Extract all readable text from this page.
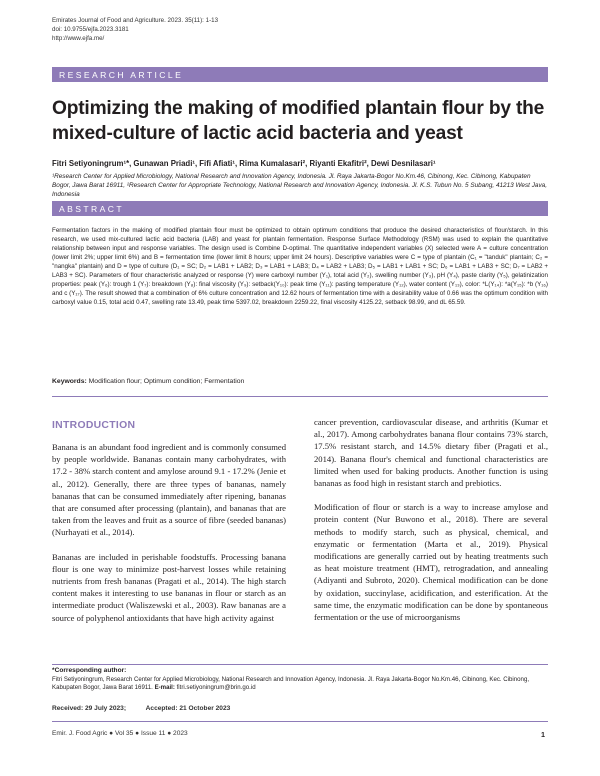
Emirates Journal of Food and Agriculture. 2023. 35(11): 1-13
doi: 10.9755/ejfa.2023.3181
http://www.ejfa.me/
RESEARCH ARTICLE
Optimizing the making of modified plantain flour by the mixed-culture of lactic acid bacteria and yeast
Fitri Setiyoningrum¹*, Gunawan Priadi¹, Fifi Afiati¹, Rima Kumalasari², Riyanti Ekafitri², Dewi Desnilasari¹
¹Research Center for Applied Microbiology, National Research and Innovation Agency, Indonesia. Jl. Raya Jakarta-Bogor No.Km.46, Cibinong, Kec. Cibinong, Kabupaten Bogor, Jawa Barat 16911, ²Research Center for Appropriate Technology, National Research and Innovation Agency, Indonesia. Jl. K.S. Tubun No. 5 Subang, 41213 West Java, Indonesia
ABSTRACT
Fermentation factors in the making of modified plantain flour must be optimized to obtain optimum conditions that produce the desired characteristics of flour/starch. In this research, we used mix-cultured lactic acid bacteria (LAB) and yeast for plantain fermentation. Response Surface Methodology (RSM) was used to explain the quantitative relationship between input and response variables. The design used is Combine D-optimal. The quantitative independent variables (X) selected were A = culture concentration (lower limit 2%; upper limit 6%) and B = fermentation time (lower limit 8 hours; upper limit 24 hours). Descriptive variables were C = type of plantain (C₁ = "tanduk" plantain; C₂ = "nangka" plantain) and D = type of culture (D₁ = SC; D₂ = LAB1 + LAB2; D₃ = LAB1 + LAB3; D₄ = LAB2 + LAB3; D₅ = LAB1 + LAB1 + SC; D₆ = LAB1 + LAB3 + SC; D₇ = LAB2 + LAB3 + SC). Parameters of flour characteristic analyzed or response (Y) were carboxyl number (Y₁), total acid (Y₂), swelling number (Y₃), pH (Y₄), paste clarity (Y₅), gelatinization properties: peak (Y₆): trough 1 (Y₇): breakdown (Y₈): final viscosity (Y₉): setback(Y₁₀): peak time (Y₁₁): pasting temperature (Y₁₂), water content (Y₁₃), color: *L(Y₁₄): *a(Y₁₅): *b (Y₁₆) and c (Y₁₇). The result showed that a combination of 6% culture concentration and 12.62 hours of fermentation time with a desirability value of 0.66 was the optimum condition with carboxyl value 0.15, total acid 0.47, swelling rate 13.49, peak time 5397.02, breakdown 2259.22, final viscosity 4125.22, setback 98.99, and dL 65.59.
Keywords: Modification flour; Optimum condition; Fermentation
INTRODUCTION

Banana is an abundant food ingredient and is commonly consumed by people worldwide. Bananas contain many carbohydrates, with 17.2 - 38% starch content and amylose around 9.1 - 17.2% (Jenie et al., 2012). Generally, there are three types of bananas, namely bananas that can be consumed immediately after ripening, bananas that are consumed after processing (plantain), and bananas that are taken from the leaves and fruit as a source of fibre (seeded bananas) (Nurhayati et al., 2014).

Bananas are included in perishable foodstuffs. Processing banana flour is one way to minimize post-harvest losses while retaining nutrients from fresh bananas (Pragati et al., 2014). The high starch content makes it interesting to use bananas in flour or starch as an intermediate product (Waliszewski et al., 2003). Raw bananas are a source of polyphenol antioxidants that have high activity against

cancer prevention, cardiovascular disease, and arthritis (Kumar et al., 2017). Among carbohydrates banana flour contains 73% starch, 17.5% resistant starch, and 14.5% dietary fiber (Pragati et al., 2014). Banana flour's chemical and functional characteristics are limited when used for baking products. Another function is using bananas as food high in resistant starch and prebiotics.

Modification of flour or starch is a way to increase amylose and protein content (Nur Buwono et al., 2018). There are several methods to modify starch, such as physical, chemical, and enzymatic or fermentation (Marta et al., 2019). Physical modifications are generally carried out by heating treatments such as heat moisture treatment (HMT), retrogradation, and annealing (Adiyanti and Subroto, 2020). Chemical modification can be done by oxidation, succinylase, acidification, and esterification. At the same time, the enzymatic modification can be done by spontaneous fermentation or the use of microorganisms

*Corresponding author:
Fitri Setiyoningrum, Research Center for Applied Microbiology, National Research and Innovation Agency, Indonesia. Jl. Raya Jakarta-Bogor No.Km.46, Cibinong, Kec. Cibinong, Kabupaten Bogor, Jawa Barat 16911. E-mail: fitri.setiyoningrum@brin.go.id
Received: 29 July 2023;	Accepted: 21 October 2023
Emir. J. Food Agric ● Vol 35 ● Issue 11 ● 2023	1
